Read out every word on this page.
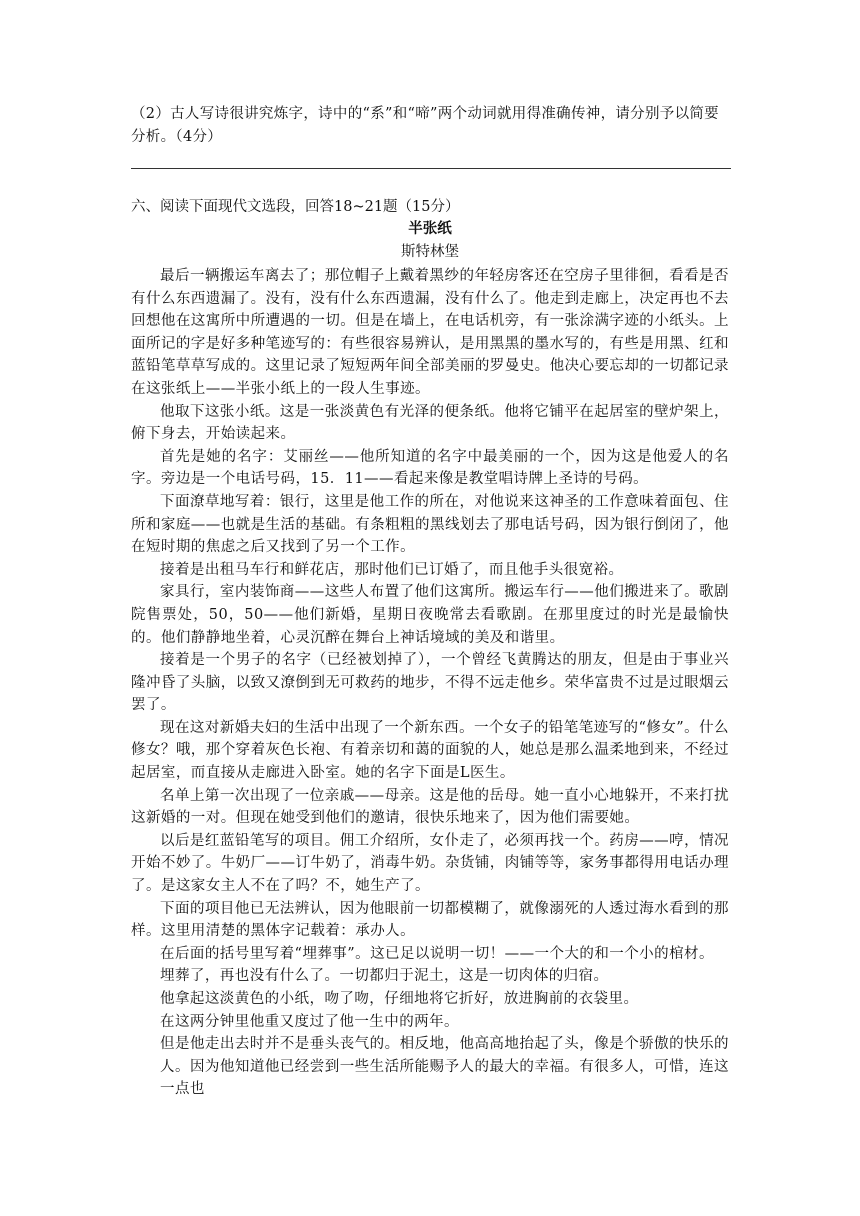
（2）古人写诗很讲究炼字，诗中的“系”和“啼”两个动词就用得准确传神，请分别予以简要分析。（4分）
六、阅读下面现代文选段，回答18~21题（15分）
半张纸
斯特林堡

最后一辆搬运车离去了；那位帽子上戴着黑纱的年轻房客还在空房子里徘徊，看看是否有什么东西遗漏了。没有，没有什么东西遗漏，没有什么了。他走到走廊上，决定再也不去回想他在这寓所中所遭遇的一切。但是在墙上，在电话机旁，有一张涂满字迹的小纸头。上面所记的字是好多种笔迹写的：有些很容易辨认，是用黑黑的墨水写的，有些是用黑、红和蓝铅笔草草写成的。这里记录了短短两年间全部美丽的罗曼史。他决心要忘却的一切都记录在这张纸上——半张小纸上的一段人生事迹。

他取下这张小纸。这是一张淡黄色有光泽的便条纸。他将它铺平在起居室的壁炉架上，俯下身去，开始读起来。

首先是她的名字：艾丽丝——他所知道的名字中最美丽的一个，因为这是他爱人的名字。旁边是一个电话号码，15．11——看起来像是教堂唱诗牌上圣诗的号码。

下面潦草地写着：银行，这里是他工作的所在，对他说来这神圣的工作意味着面包、住所和家庭——也就是生活的基础。有条粗粗的黑线划去了那电话号码，因为银行倒闭了，他在短时期的焦虑之后又找到了另一个工作。

接着是出租马车行和鲜花店，那时他们已订婚了，而且他手头很宽裕。

家具行，室内装饰商——这些人布置了他们这寓所。搬运车行——他们搬进来了。歌剧院售票处，50，50——他们新婚，星期日夜晚常去看歌剧。在那里度过的时光是最愉快的。他们静静地坐着，心灵沉醉在舞台上神话境域的美及和谐里。

接着是一个男子的名字（已经被划掉了），一个曾经飞黄腾达的朋友，但是由于事业兴隆冲昏了头脑，以致又潦倒到无可救药的地步，不得不远走他乡。荣华富贵不过是过眼烟云罢了。

现在这对新婚夫妇的生活中出现了一个新东西。一个女子的铅笔笔迹写的“修女”。什么修女？哦，那个穿着灰色长袍、有着亲切和蔼的面貌的人，她总是那么温柔地到来，不经过起居室，而直接从走廊进入卧室。她的名字下面是L医生。

名单上第一次出现了一位亲戚——母亲。这是他的岳母。她一直小心地躲开，不来打扰这新婚的一对。但现在她受到他们的邀请，很快乐地来了，因为他们需要她。

以后是红蓝铅笔写的项目。佣工介绍所，女仆走了，必须再找一个。药房——哼，情况开始不妙了。牛奶厂——订牛奶了，消毒牛奶。杂货铺，肉铺等等，家务事都得用电话办理了。是这家女主人不在了吗？不，她生产了。

下面的项目他已无法辨认，因为他眼前一切都模糊了，就像溺死的人透过海水看到的那样。这里用清楚的黑体字记载着：承办人。

在后面的括号里写着“埋葬事”。这已足以说明一切！——一个大的和一个小的棺材。

埋葬了，再也没有什么了。一切都归于泥土，这是一切肉体的归宿。

他拿起这淡黄色的小纸，吻了吻，仔细地将它折好，放进胸前的衣袋里。

在这两分钟里他重又度过了他一生中的两年。

但是他走出去时并不是垂头丧气的。相反地，他高高地抬起了头，像是个骄傲的快乐的人。因为他知道他已经尝到一些生活所能赐予人的最大的幸福。有很多人，可惜，连这一点也
